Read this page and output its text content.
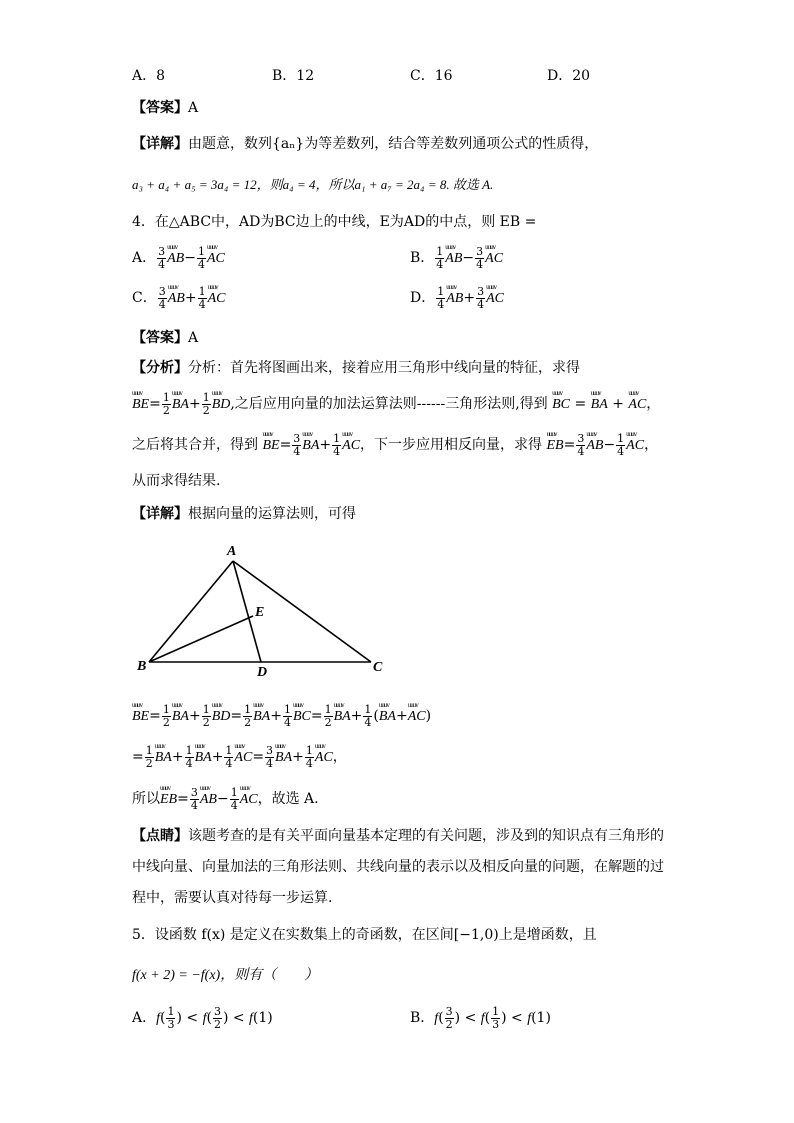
A．8	B．12	C．16	D．20
【答案】A
【详解】由题意，数列{aₙ}为等差数列，结合等差数列通项公式的性质得，
a₃ + a₄ + a₅ = 3a₄ = 12，则a₄ = 4，所以a₁ + a₇ = 2a₄ = 8. 故选 A.
4．在△ABC中，AD为BC边上的中线，E为AD的中点，则 EB =
A． $\frac{3}{4}$ uuuv $AB- \frac{1}{4}$ uuuv AC	B． $\frac{1}{4}$ uuuv $AB- \frac{3}{4}$ uuuv AC
C． $\frac{3}{4}$ uuuv $AB+ \frac{1}{4}$ uuuv AC	D． $\frac{1}{4}$ uuuv $AB+ \frac{3}{4}$ uuuv AC
【答案】A
【分析】分析：首先将图画出来，接着应用三角形中线向量的特征，求得
uuuv $BE= \frac{1}{2}$ uuuv $BA+ \frac{1}{2}$ uuuv BD,之后应用向量的加法运算法则------三角形法则,得到 uuuv BC = uuuv BA + uuuv AC，
之后将其合并，得到 uuuv $BE= \frac{3}{4}$ uuuv $BA+ \frac{1}{4}$ uuuv AC，下一步应用相反向量，求得 uuuv $EB= \frac{3}{4}$ uuuv $AB- \frac{1}{4}$ uuuv AC，
从而求得结果.
【详解】根据向量的运算法则，可得
A
B	C
D
E
uuuv $BE= \frac{1}{2}$ uuuv $BA+ \frac{1}{2}$ uuuv $BD= \frac{1}{2}$ uuuv $BA+ \frac{1}{4}$ uuuv $BC= \frac{1}{2}$ uuuv $BA+ \frac{1}{4}$ (uuuv BA+uuuv AC)
= $\frac{1}{2}$ uuuv $BA+ \frac{1}{4}$ uuuv $BA+ \frac{1}{4}$ uuuv $AC= \frac{3}{4}$ uuuv $BA+ \frac{1}{4}$ uuuv AC，
所以uuuv $EB= \frac{3}{4}$ uuuv $AB- \frac{1}{4}$ uuuv AC，故选 A.
【点睛】该题考查的是有关平面向量基本定理的有关问题，涉及到的知识点有三角形的
中线向量、向量加法的三角形法则、共线向量的表示以及相反向量的问题，在解题的过
程中，需要认真对待每一步运算.
5．设函数 f(x) 是定义在实数集上的奇函数，在区间[−1,0)上是增函数，且
f(x + 2) = −f(x)，则有（　　）
A．$f( \frac{1}{3}$ ) < $f( \frac{3}{2}$ ) < f(1)	B．$f( \frac{3}{2}$ ) < $f( \frac{1}{3}$ ) < f(1)
